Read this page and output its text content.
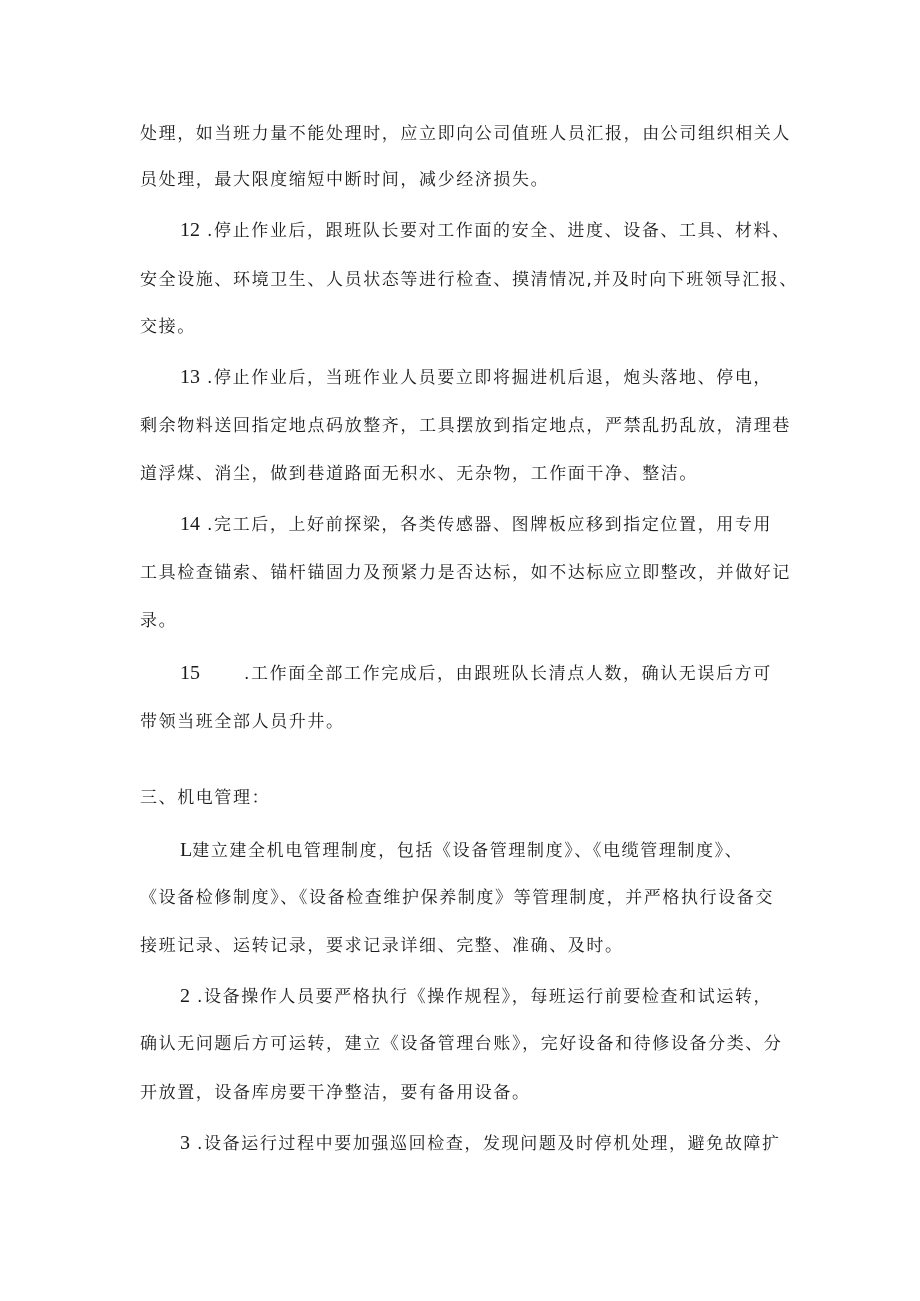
处理，如当班力量不能处理时，应立即向公司值班人员汇报，由公司组织相关人
员处理，最大限度缩短中断时间，减少经济损失。
12 .停止作业后，跟班队长要对工作面的安全、进度、设备、工具、材料、
安全设施、环境卫生、人员状态等进行检查、摸清情况,并及时向下班领导汇报、
交接。
13 .停止作业后，当班作业人员要立即将掘进机后退，炮头落地、停电，
剩余物料送回指定地点码放整齐，工具摆放到指定地点，严禁乱扔乱放，清理巷
道浮煤、消尘，做到巷道路面无积水、无杂物，工作面干净、整洁。
14 .完工后，上好前探梁，各类传感器、图牌板应移到指定位置，用专用
工具检查锚索、锚杆锚固力及预紧力是否达标，如不达标应立即整改，并做好记
录。
15	.工作面全部工作完成后，由跟班队长清点人数，确认无误后方可
带领当班全部人员升井。
三、机电管理：
L建立建全机电管理制度，包括《设备管理制度》、《电缆管理制度》、
《设备检修制度》、《设备检查维护保养制度》等管理制度，并严格执行设备交
接班记录、运转记录，要求记录详细、完整、准确、及时。
2 .设备操作人员要严格执行《操作规程》，每班运行前要检查和试运转，
确认无问题后方可运转，建立《设备管理台账》，完好设备和待修设备分类、分
开放置，设备库房要干净整洁，要有备用设备。
3 .设备运行过程中要加强巡回检查，发现问题及时停机处理，避免故障扩
